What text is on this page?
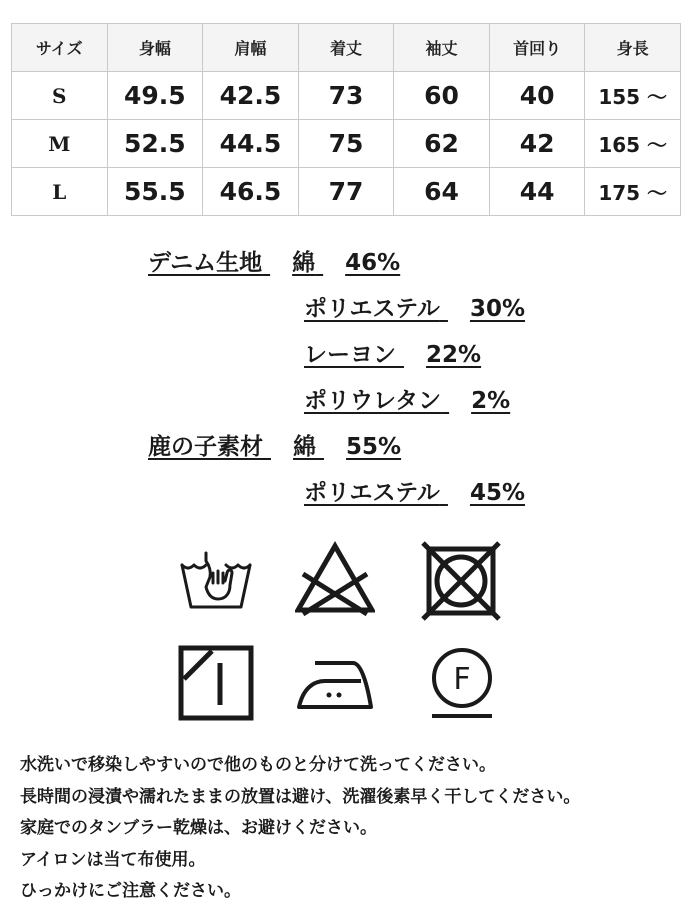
サイズ	身幅	肩幅	着丈	袖丈	首回り	身長
S	49.5	42.5	73	60	40	155 〜
M	52.5	44.5	75	62	42	165 〜
L	55.5	46.5	77	64	44	175 〜
デニム生地 綿 46%
ポリエステル 30%
レーヨン 22%
ポリウレタン 2%
鹿の子素材 綿 55%
ポリエステル 45%
F
水洗いで移染しやすいので他のものと分けて洗ってください。
長時間の浸漬や濡れたままの放置は避け、洗濯後素早く干してください。
家庭でのタンブラー乾燥は、お避けください。
アイロンは当て布使用。
ひっかけにご注意ください。
